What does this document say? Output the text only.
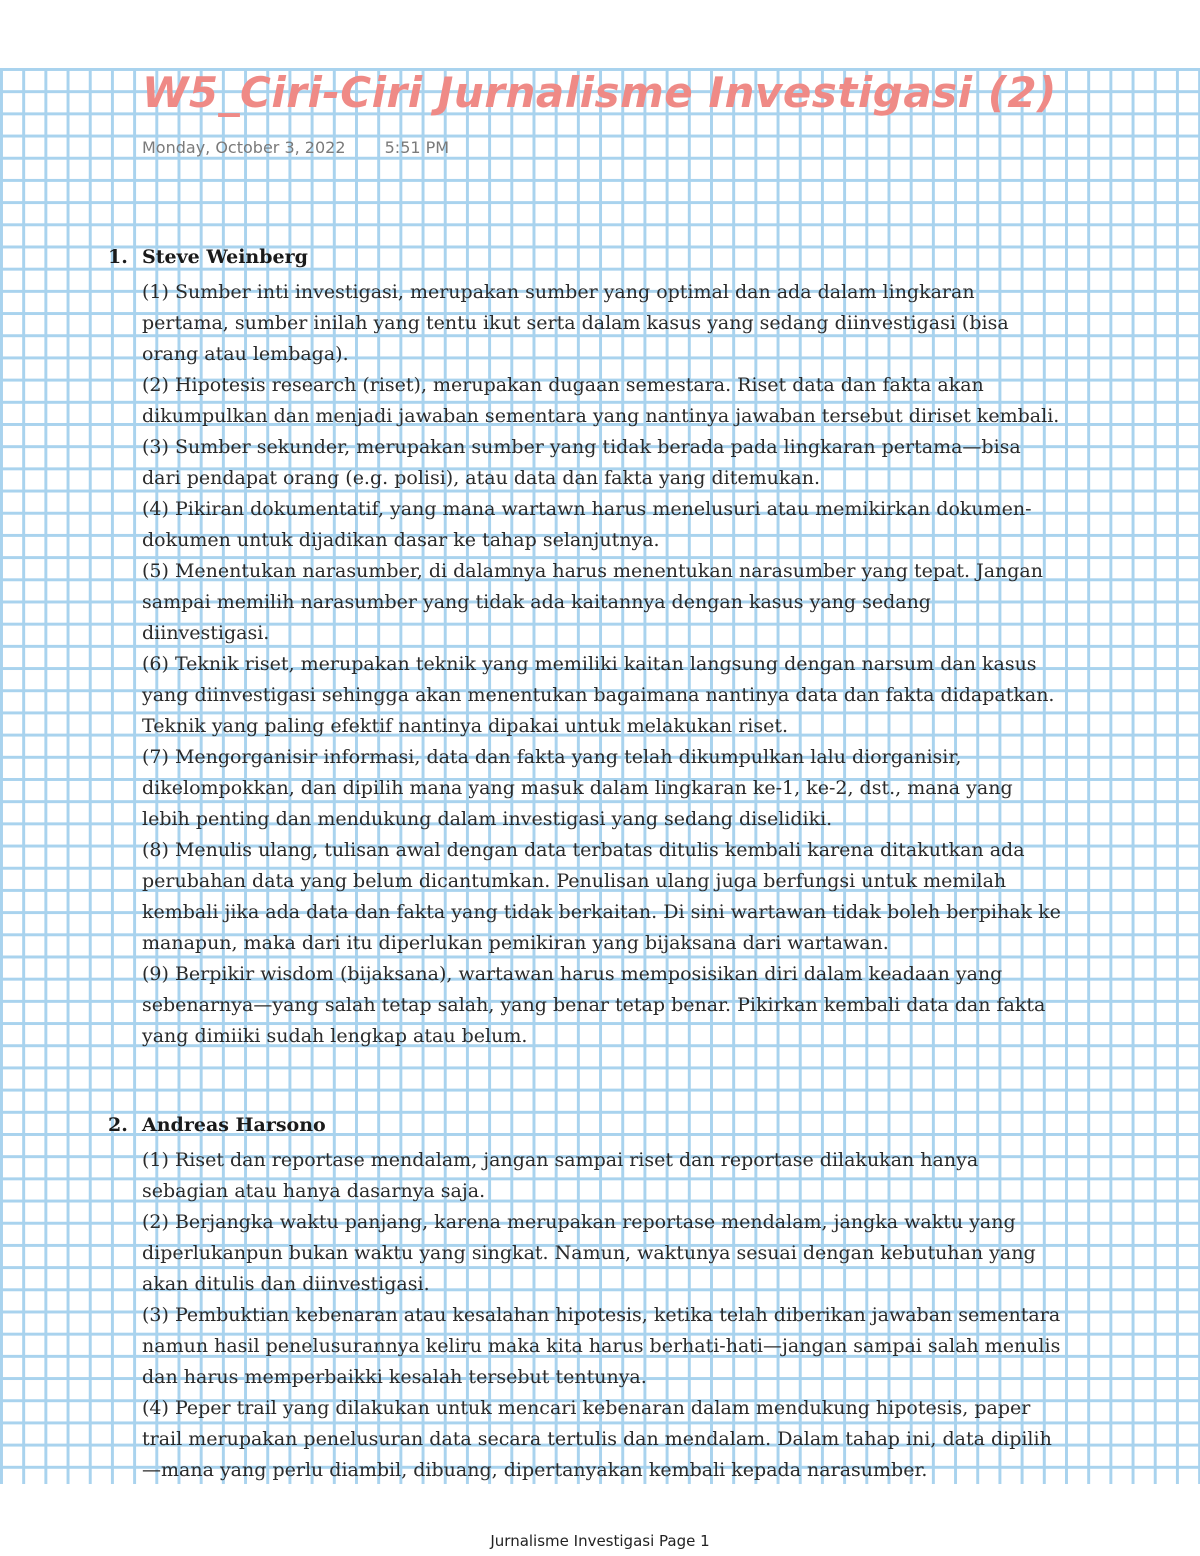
W5_Ciri-Ciri Jurnalisme Investigasi (2)
Monday, October 3, 2022 5:51 PM
1. Steve Weinberg

(1) Sumber inti investigasi, merupakan sumber yang optimal dan ada dalam lingkaran pertama, sumber inilah yang tentu ikut serta dalam kasus yang sedang diinvestigasi (bisa orang atau lembaga).

(2) Hipotesis research (riset), merupakan dugaan semestara. Riset data dan fakta akan dikumpulkan dan menjadi jawaban sementara yang nantinya jawaban tersebut diriset kembali.

(3) Sumber sekunder, merupakan sumber yang tidak berada pada lingkaran pertama—bisa dari pendapat orang (e.g. polisi), atau data dan fakta yang ditemukan.

(4) Pikiran dokumentatif, yang mana wartawn harus menelusuri atau memikirkan dokumen-dokumen untuk dijadikan dasar ke tahap selanjutnya.

(5) Menentukan narasumber, di dalamnya harus menentukan narasumber yang tepat. Jangan sampai memilih narasumber yang tidak ada kaitannya dengan kasus yang sedang diinvestigasi.

(6) Teknik riset, merupakan teknik yang memiliki kaitan langsung dengan narsum dan kasus yang diinvestigasi sehingga akan menentukan bagaimana nantinya data dan fakta didapatkan. Teknik yang paling efektif nantinya dipakai untuk melakukan riset.

(7) Mengorganisir informasi, data dan fakta yang telah dikumpulkan lalu diorganisir, dikelompokkan, dan dipilih mana yang masuk dalam lingkaran ke-1, ke-2, dst., mana yang lebih penting dan mendukung dalam investigasi yang sedang diselidiki.

(8) Menulis ulang, tulisan awal dengan data terbatas ditulis kembali karena ditakutkan ada perubahan data yang belum dicantumkan. Penulisan ulang juga berfungsi untuk memilah kembali jika ada data dan fakta yang tidak berkaitan. Di sini wartawan tidak boleh berpihak ke manapun, maka dari itu diperlukan pemikiran yang bijaksana dari wartawan.

(9) Berpikir wisdom (bijaksana), wartawan harus memposisikan diri dalam keadaan yang sebenarnya—yang salah tetap salah, yang benar tetap benar. Pikirkan kembali data dan fakta yang dimiiki sudah lengkap atau belum.

2. Andreas Harsono

(1) Riset dan reportase mendalam, jangan sampai riset dan reportase dilakukan hanya sebagian atau hanya dasarnya saja.

(2) Berjangka waktu panjang, karena merupakan reportase mendalam, jangka waktu yang diperlukanpun bukan waktu yang singkat. Namun, waktunya sesuai dengan kebutuhan yang akan ditulis dan diinvestigasi.

(3) Pembuktian kebenaran atau kesalahan hipotesis, ketika telah diberikan jawaban sementara namun hasil penelusurannya keliru maka kita harus berhati-hati—jangan sampai salah menulis dan harus memperbaikki kesalah tersebut tentunya.

(4) Peper trail yang dilakukan untuk mencari kebenaran dalam mendukung hipotesis, paper trail merupakan penelusuran data secara tertulis dan mendalam. Dalam tahap ini, data dipilih—mana yang perlu diambil, dibuang, dipertanyakan kembali kepada narasumber.

Jurnalisme Investigasi Page 1
